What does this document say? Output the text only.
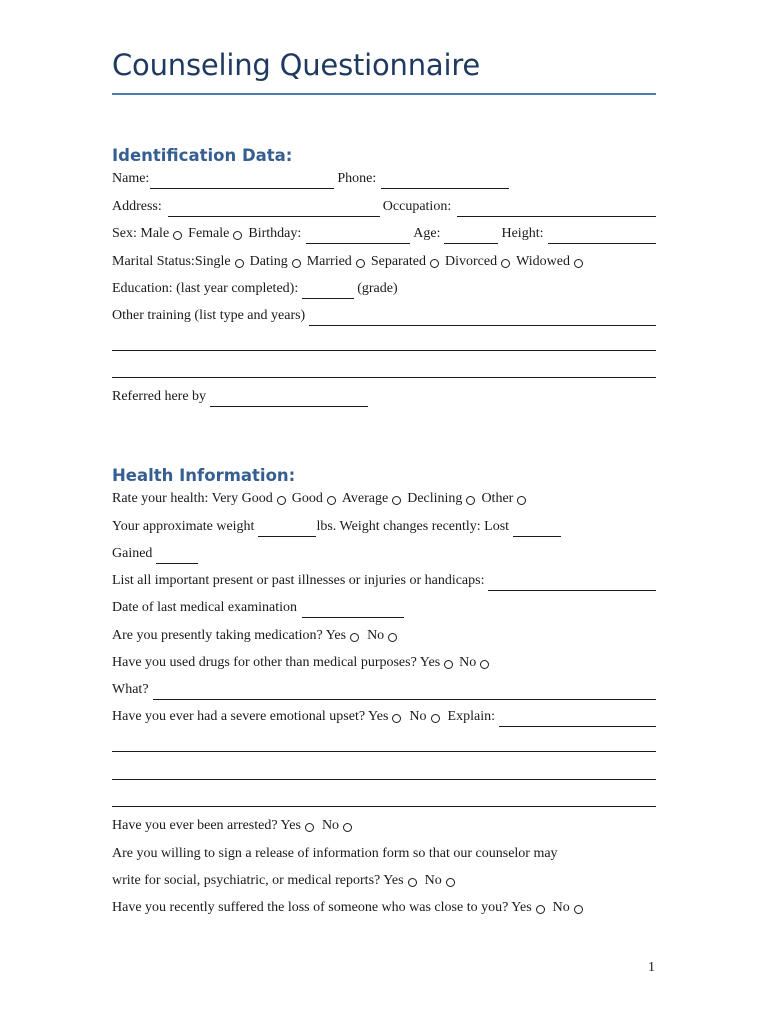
Counseling Questionnaire
Identification Data:
Name:	Phone:
Address:	Occupation:
Sex: Male Female Birthday:	Age:	Height:
Marital Status:Single Dating Married Separated Divorced Widowed
Education: (last year completed):	(grade)
Other training (list type and years)
Referred here by
Health Information:
Rate your health: Very Good Good Average Declining Other
Your approximate weight	lbs. Weight changes recently: Lost
Gained
List all important present or past illnesses or injuries or handicaps:
Date of last medical examination
Are you presently taking medication? Yes No
Have you used drugs for other than medical purposes? Yes No
What?
Have you ever had a severe emotional upset? Yes No Explain:
Have you ever been arrested? Yes No
Are you willing to sign a release of information form so that our counselor may
write for social, psychiatric, or medical reports? Yes No
Have you recently suffered the loss of someone who was close to you? Yes No
1
